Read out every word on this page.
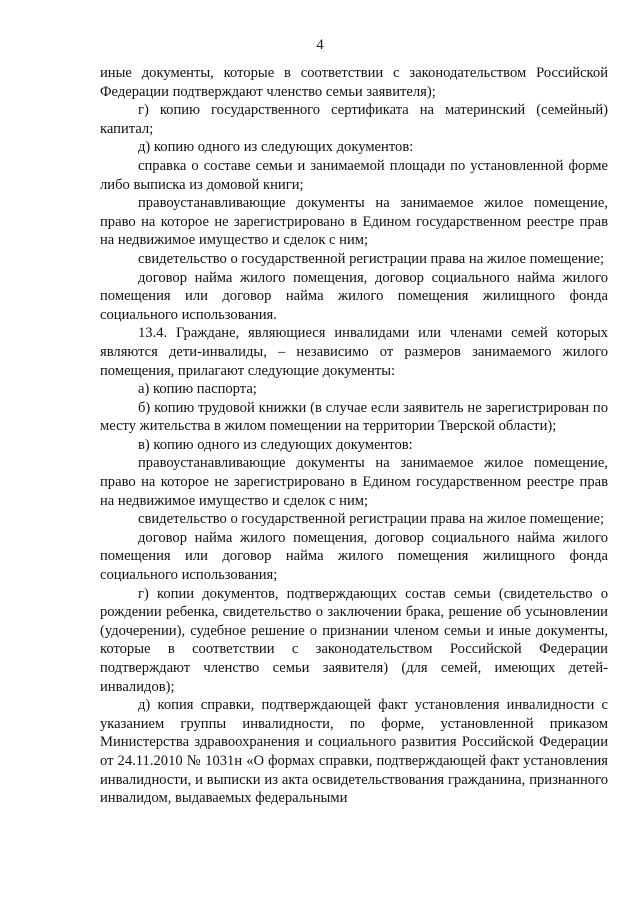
4

иные документы, которые в соответствии с законодательством Российской Федерации подтверждают членство семьи заявителя);

г) копию государственного сертификата на материнский (семейный) капитал;

д) копию одного из следующих документов:

справка о составе семьи и занимаемой площади по установленной форме либо выписка из домовой книги;

правоустанавливающие документы на занимаемое жилое помещение, право на которое не зарегистрировано в Едином государственном реестре прав на недвижимое имущество и сделок с ним;

свидетельство о государственной регистрации права на жилое помещение;

договор найма жилого помещения, договор социального найма жилого помещения или договор найма жилого помещения жилищного фонда социального использования.

13.4. Граждане, являющиеся инвалидами или членами семей которых являются дети-инвалиды, – независимо от размеров занимаемого жилого помещения, прилагают следующие документы:

а) копию паспорта;

б) копию трудовой книжки (в случае если заявитель не зарегистрирован по месту жительства в жилом помещении на территории Тверской области);

в) копию одного из следующих документов:

правоустанавливающие документы на занимаемое жилое помещение, право на которое не зарегистрировано в Едином государственном реестре прав на недвижимое имущество и сделок с ним;

свидетельство о государственной регистрации права на жилое помещение;

договор найма жилого помещения, договор социального найма жилого помещения или договор найма жилого помещения жилищного фонда социального использования;

г) копии документов, подтверждающих состав семьи (свидетельство о рождении ребенка, свидетельство о заключении брака, решение об усыновлении (удочерении), судебное решение о признании членом семьи и иные документы, которые в соответствии с законодательством Российской Федерации подтверждают членство семьи заявителя) (для семей, имеющих детей-инвалидов);

д) копия справки, подтверждающей факт установления инвалидности с указанием группы инвалидности, по форме, установленной приказом Министерства здравоохранения и социального развития Российской Федерации от 24.11.2010 № 1031н «О формах справки, подтверждающей факт установления инвалидности, и выписки из акта освидетельствования гражданина, признанного инвалидом, выдаваемых федеральными
